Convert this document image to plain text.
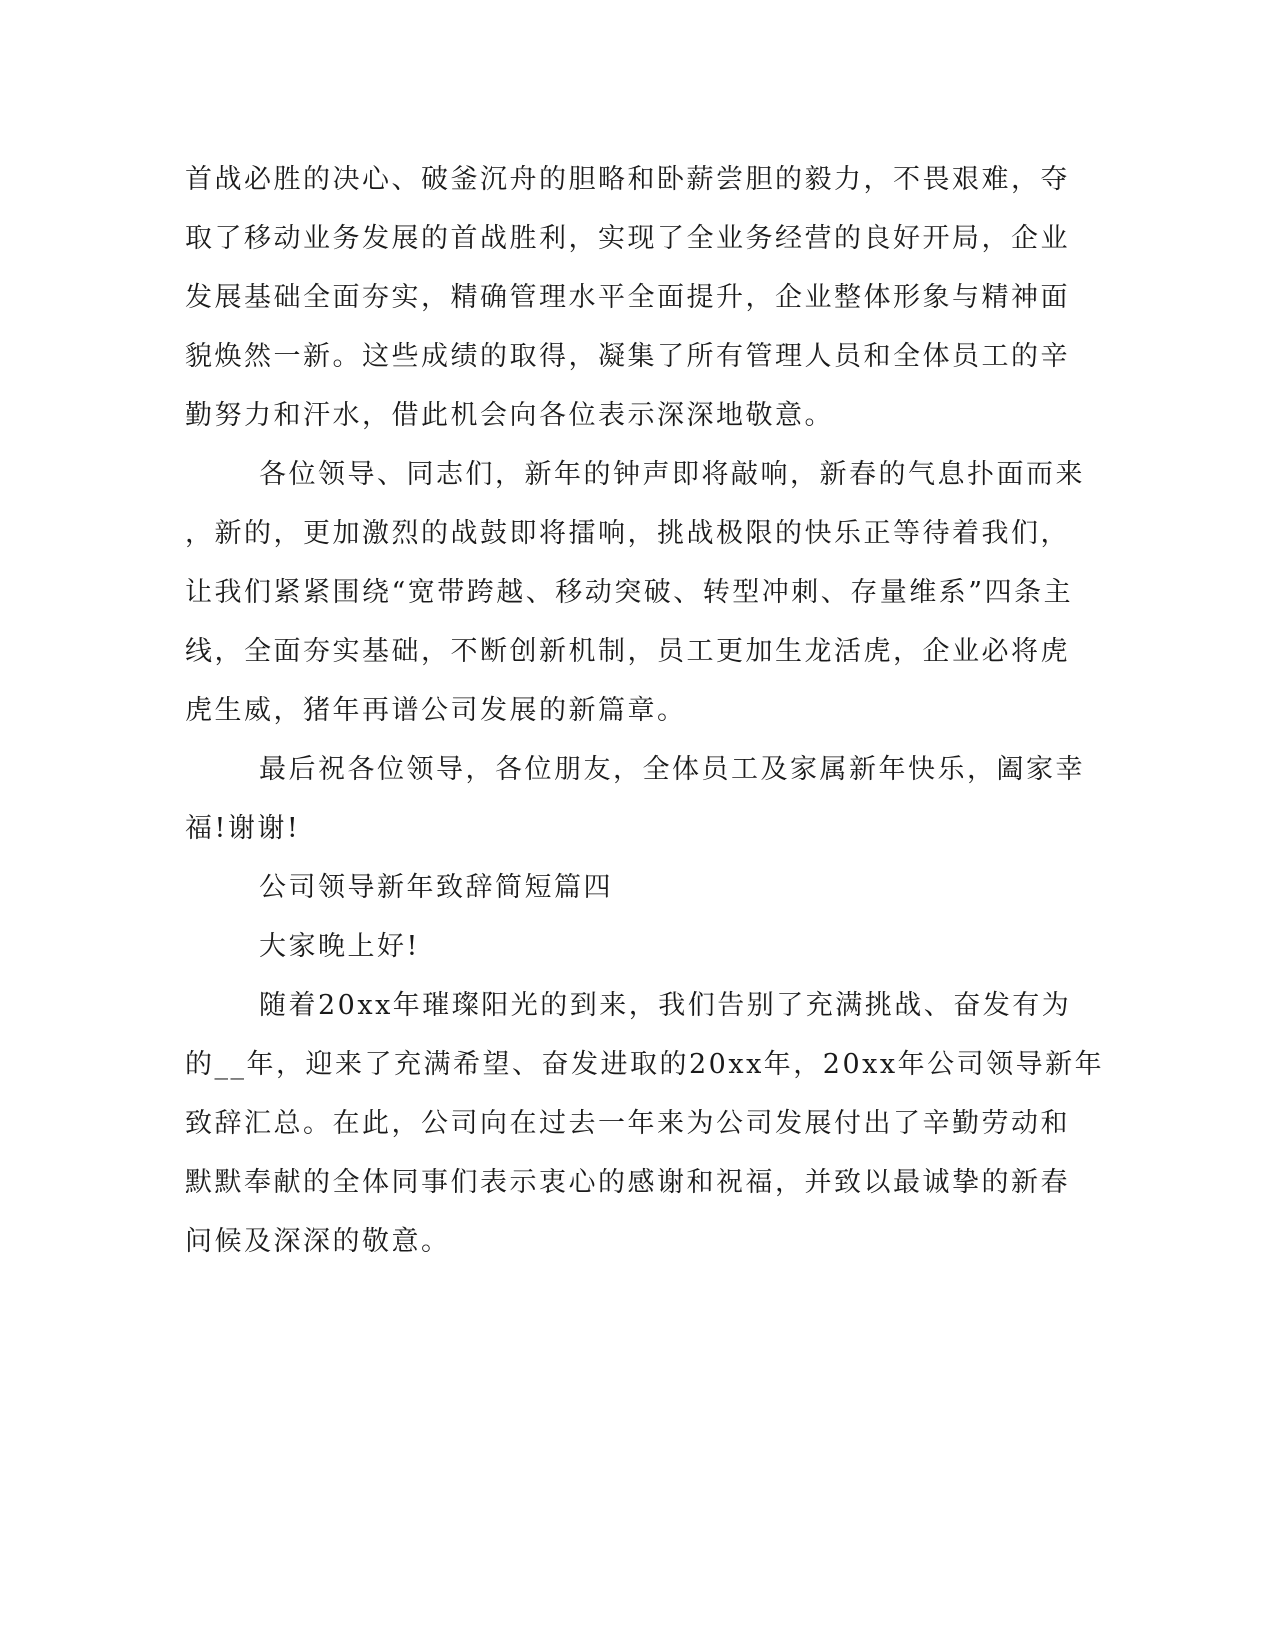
首战必胜的决心、破釜沉舟的胆略和卧薪尝胆的毅力，不畏艰难，夺
取了移动业务发展的首战胜利，实现了全业务经营的良好开局，企业
发展基础全面夯实，精确管理水平全面提升，企业整体形象与精神面
貌焕然一新。这些成绩的取得，凝集了所有管理人员和全体员工的辛
勤努力和汗水，借此机会向各位表示深深地敬意。
各位领导、同志们，新年的钟声即将敲响，新春的气息扑面而来
，新的，更加激烈的战鼓即将擂响，挑战极限的快乐正等待着我们，
让我们紧紧围绕“宽带跨越、移动突破、转型冲刺、存量维系”四条主
线，全面夯实基础，不断创新机制，员工更加生龙活虎，企业必将虎
虎生威，猪年再谱公司发展的新篇章。
最后祝各位领导，各位朋友，全体员工及家属新年快乐，阖家幸
福!谢谢!
公司领导新年致辞简短篇四
大家晚上好!
随着20xx年璀璨阳光的到来，我们告别了充满挑战、奋发有为
的__年，迎来了充满希望、奋发进取的20xx年，20xx年公司领导新年
致辞汇总。在此，公司向在过去一年来为公司发展付出了辛勤劳动和
默默奉献的全体同事们表示衷心的感谢和祝福，并致以最诚挚的新春
问候及深深的敬意。
